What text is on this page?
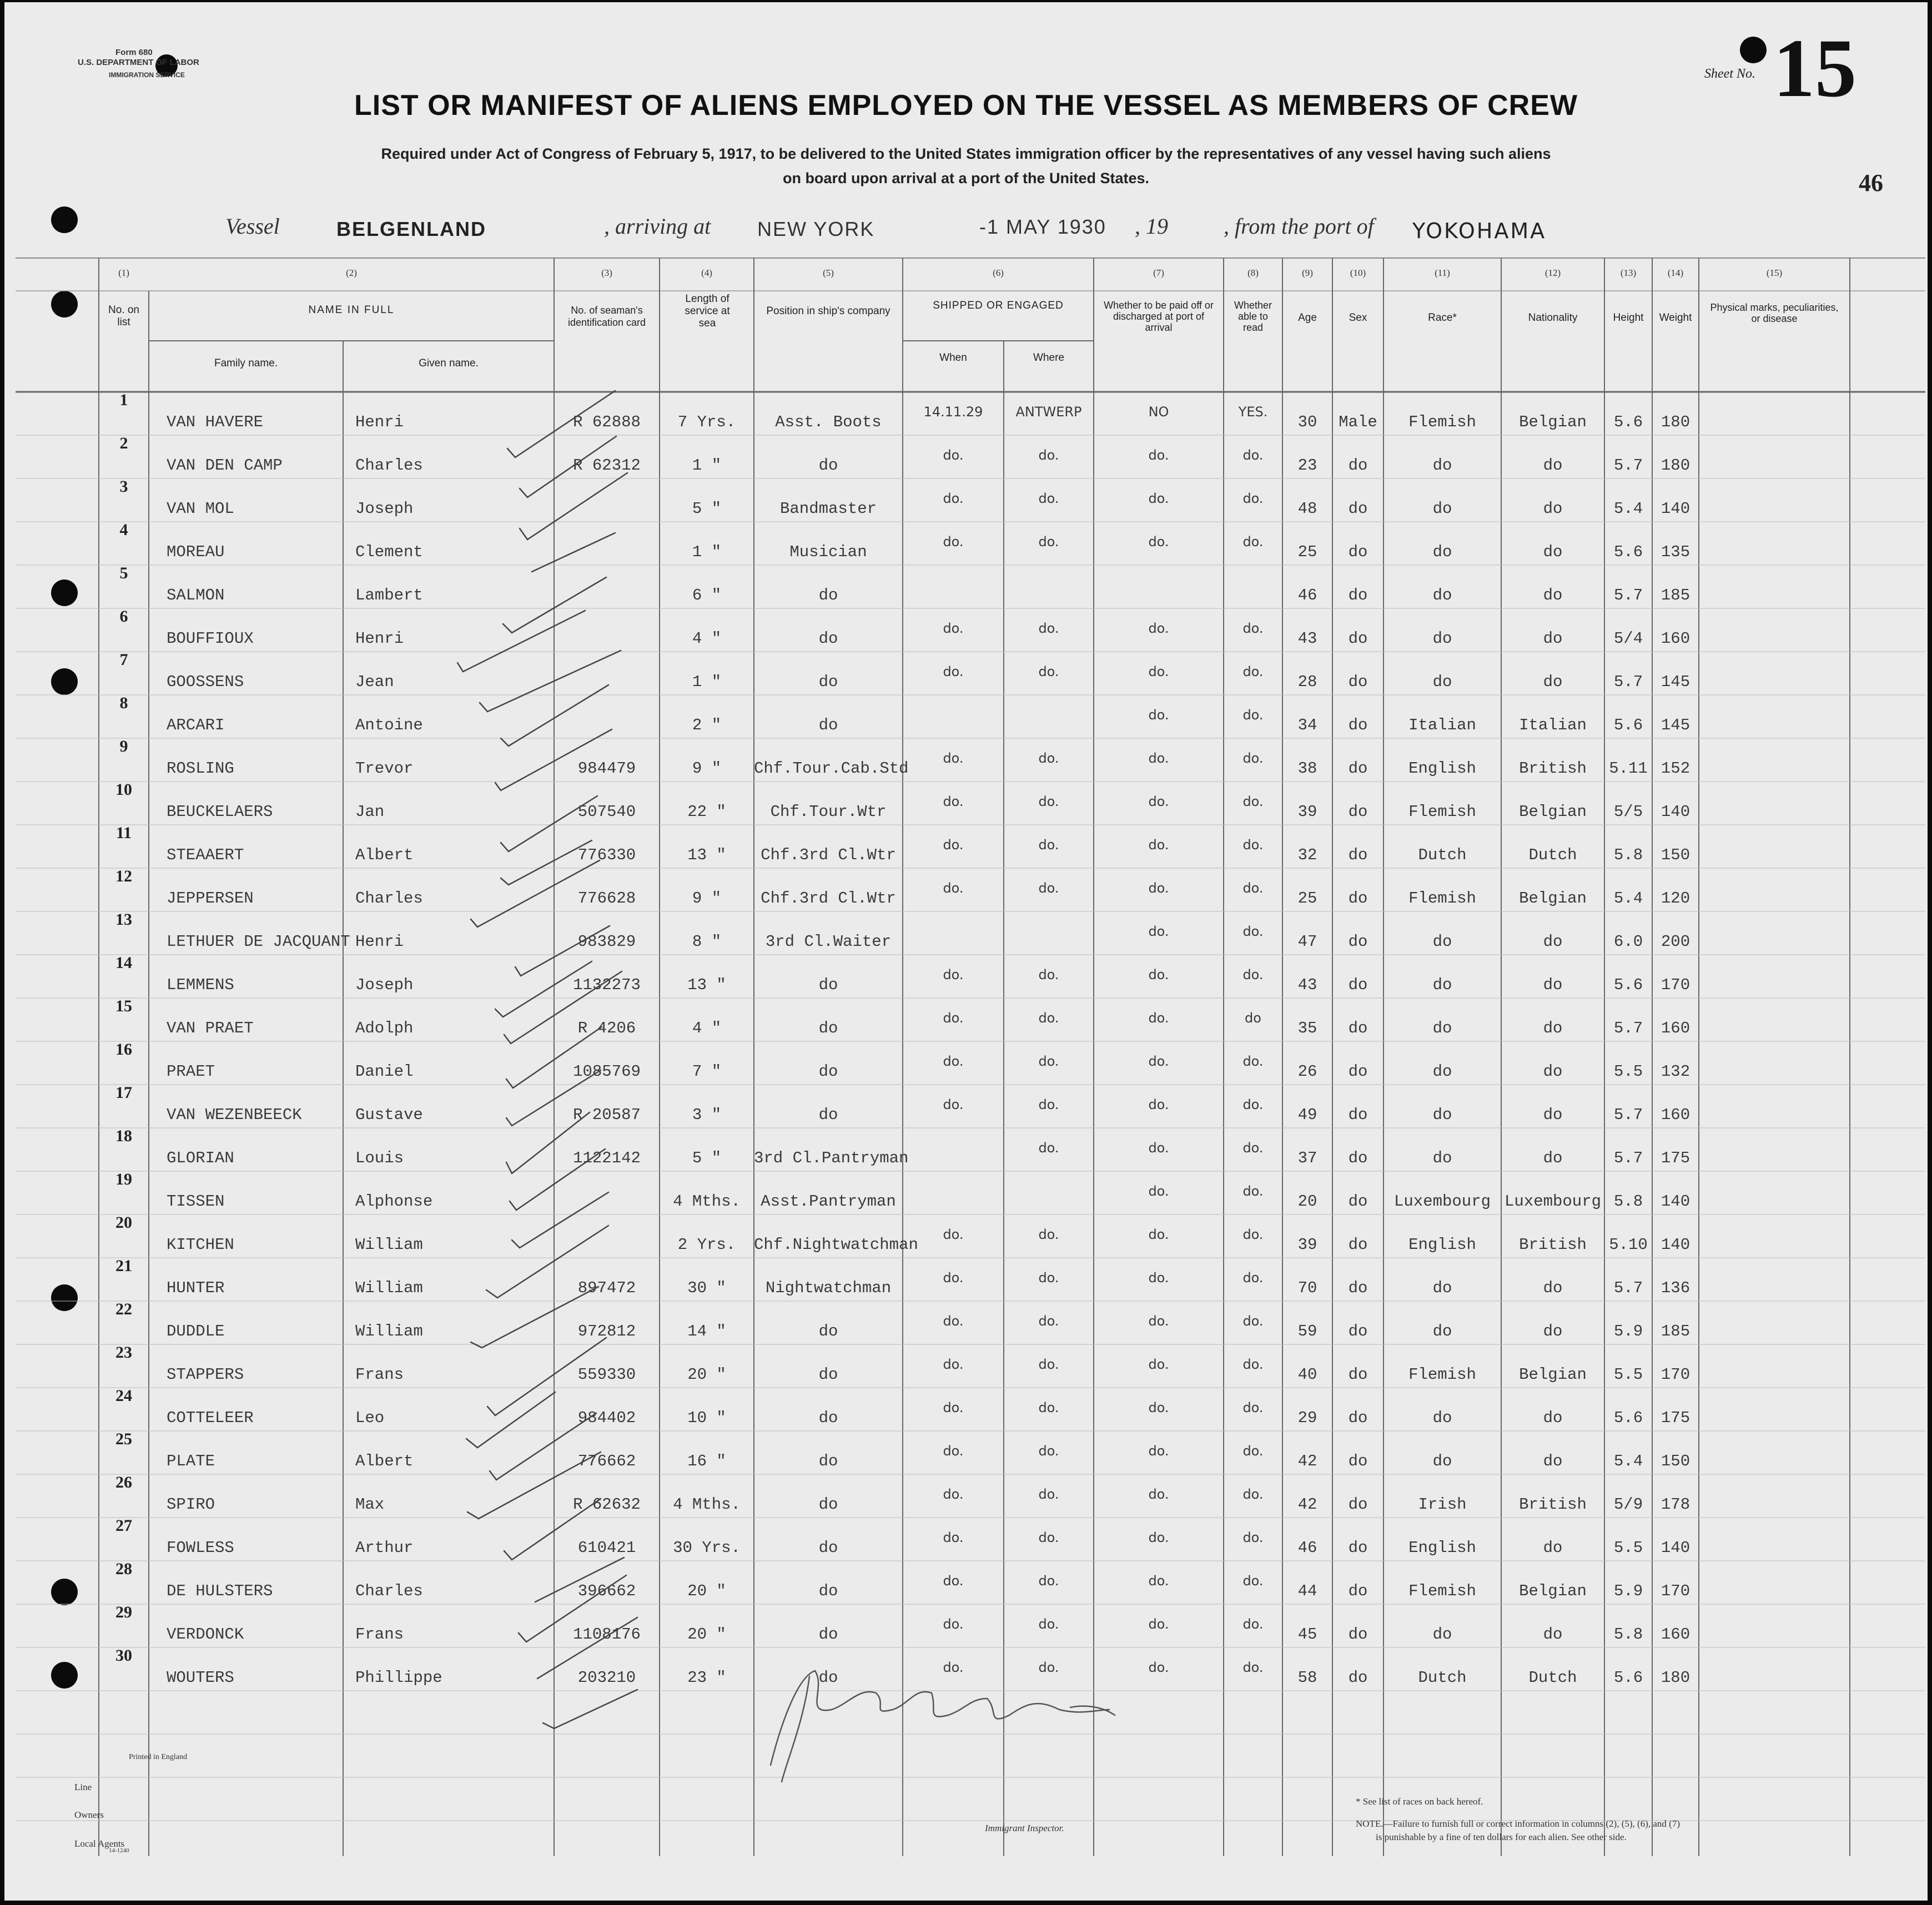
Form 680
U.S. DEPARTMENT OF LABOR
IMMIGRATION SERVICE	Sheet No. 15
46
LIST OR MANIFEST OF ALIENS EMPLOYED ON THE VESSEL AS MEMBERS OF CREW
Required under Act of Congress of February 5, 1917, to be delivered to the United States immigration officer by the representatives of any vessel having such aliens
on board upon arrival at a port of the United States.
Vessel	BELGENLAND	, arriving at NEW YORK	-1 MAY 1930 , 19	, from the port of YOKOHAMA
(1)	(2)	(3)	(4)	(5)	(6)	(7)	(8)	(9)	(10)	(11)	(12)	(13)	(14)	(15)
No. on list
NAME IN FULL
Family name.	Given name.
No. of seaman's identification card
Length of service at sea
Position in ship's company	SHIPPED OR ENGAGED
When	Where
Whether to be paid off or discharged at port of arrival
Whether able to read
Age	Sex	Race*	Nationality	Height	Weight
Physical marks, peculiarities, or disease
1
VAN HAVERE	Henri	R 62888	7 Yrs.	Asst. Boots
14.11.29	ANTWERP	NO	YES.
30	Male	Flemish	Belgian	5.6	180
2
VAN DEN CAMP	Charles	R 62312	1 "	do
do.	do.	do.	do.
23	do	do	do	5.7	180
3
VAN MOL	Joseph	5 "	Bandmaster
do.	do.	do.	do.
48	do	do	do	5.4	140
4
MOREAU	Clement	1 "	Musician
do.	do.	do.	do.
25	do	do	do	5.6	135
5
SALMON	Lambert	6 "	do	46	do	do	do	5.7	185
6
BOUFFIOUX	Henri	4 "	do
do.	do.	do.	do.
43	do	do	do	5/4	160
7
GOOSSENS	Jean	1 "	do
do.	do.	do.	do.
28	do	do	do	5.7	145
8
ARCARI	Antoine	2 "	do
do.	do.
34	do	Italian	Italian	5.6	145
9
ROSLING	Trevor	984479	9 "	Chf.Tour.Cab.Std
do.	do.	do.	do.
38	do	English	British	5.11 152
10
BEUCKELAERS	Jan	507540	22 "	Chf.Tour.Wtr
do.	do.	do.	do.
39	do	Flemish	Belgian	5/5	140
11
STEAAERT	Albert	776330	13 "	Chf.3rd Cl.Wtr
do.	do.	do.	do.
32	do	Dutch	Dutch	5.8	150
12
JEPPERSEN	Charles	776628	9 "	Chf.3rd Cl.Wtr
do.	do.	do.	do.
25	do	Flemish	Belgian	5.4	120
13
LETHUER DE JACQUANT Henri	983829	8 "	3rd Cl.Waiter
do.	do.
47	do	do	do	6.0	200
14
LEMMENS	Joseph	1132273	13 "	do
do.	do.	do.	do.
43	do	do	do	5.6	170
15
VAN PRAET	Adolph	R 4206	4 "	do
do.	do.	do.	do
35	do	do	do	5.7	160
16
PRAET	Daniel	1085769	7 "	do
do.	do.	do.	do.
26	do	do	do	5.5	132
17
VAN WEZENBEECK	Gustave	R 20587	3 "	do
do.	do.	do.	do.
49	do	do	do	5.7	160
18
GLORIAN	Louis	1122142	5 "	3rd Cl.Pantryman
do.	do.	do.
37	do	do	do	5.7	175
19
TISSEN	Alphonse	4 Mths.	Asst.Pantryman
do.	do.
20	do	Luxembourg Luxembourg 5.8	140
20
KITCHEN	William	2 Yrs.	Chf.Nightwatchman
do.	do.	do.	do.
39	do	English	British	5.10 140
21
HUNTER	William	897472	30 "	Nightwatchman
do.	do.	do.	do.
70	do	do	do	5.7	136
22
DUDDLE	William	972812	14 "	do
do.	do.	do.	do.
59	do	do	do	5.9	185
23
STAPPERS	Frans	559330	20 "	do
do.	do.	do.	do.
40	do	Flemish	Belgian	5.5	170
24
COTTELEER	Leo	984402	10 "	do
do.	do.	do.	do.
29	do	do	do	5.6	175
25
PLATE	Albert	776662	16 "	do
do.	do.	do.	do.
42	do	do	do	5.4	150
26
SPIRO	Max	R 62632	4 Mths.	do
do.	do.	do.	do.
42	do	Irish	British	5/9	178
27
FOWLESS	Arthur	610421	30 Yrs.	do
do.	do.	do.	do.
46	do	English	do	5.5	140
28
DE HULSTERS	Charles	396662	20 "	do
do.	do.	do.	do.
44	do	Flemish	Belgian	5.9	170
29
VERDONCK	Frans	1108176	20 "	do
do.	do.	do.	do.
45	do	do	do	5.8	160
30
WOUTERS	Phillippe	203210	23 "	do
do.	do.	do.	do.
58	do	Dutch	Dutch	5.6	180
Printed in England
Line
Owners
Local Agents
14-1240
Immigrant Inspector.
* See list of races on back hereof.
NOTE.—Failure to furnish full or correct information in columns (2), (5), (6), and (7)
is punishable by a fine of ten dollars for each alien. See other side.
